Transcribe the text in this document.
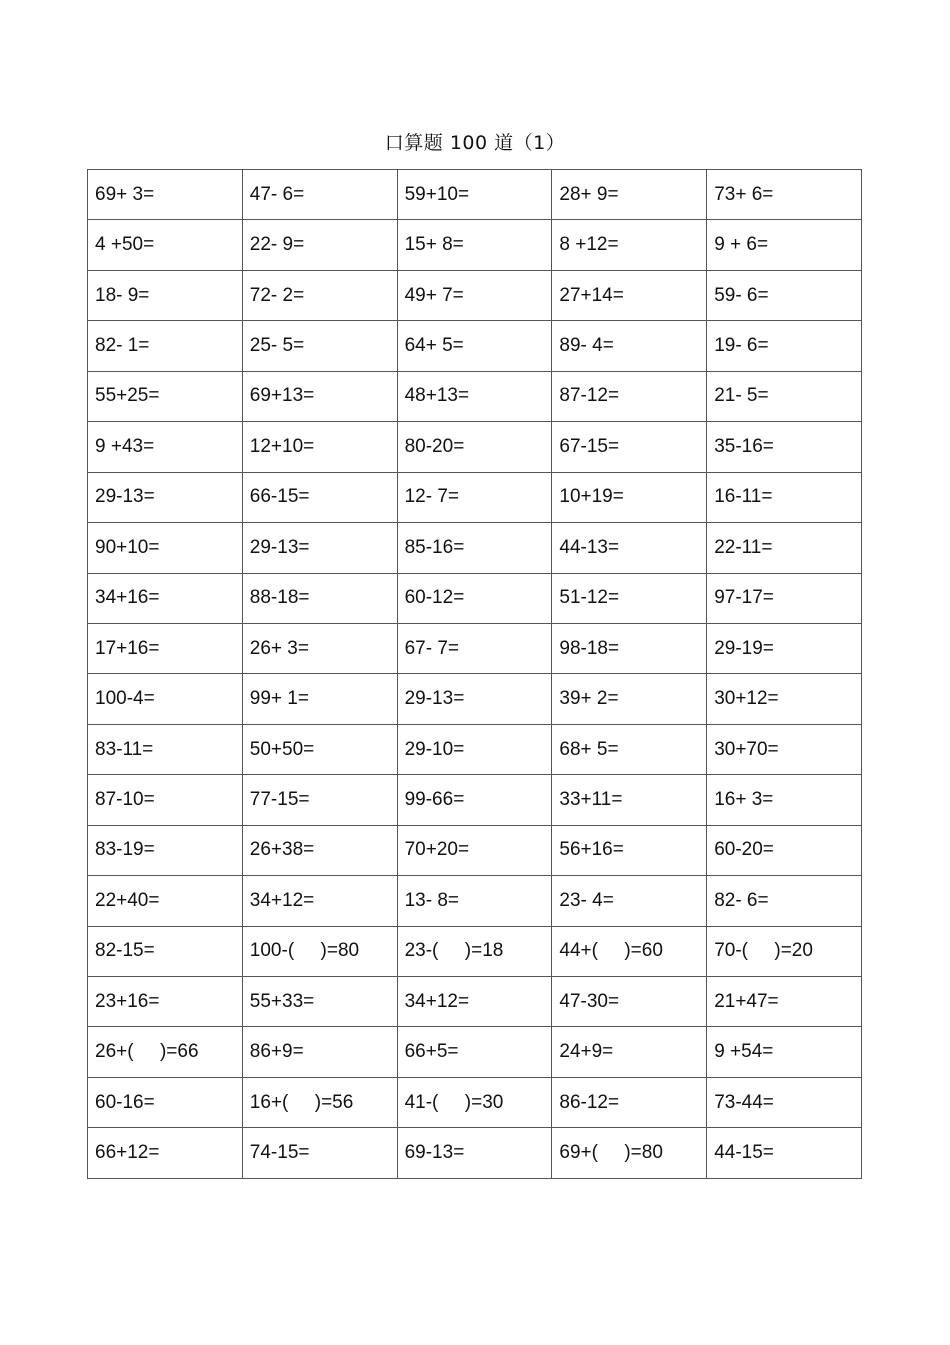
口算题 100 道（1）
69+ 3=	47- 6=	59+10=	28+ 9=	73+ 6=
4 +50=	22- 9=	15+ 8=	8 +12=	9 + 6=
18- 9=	72- 2=	49+ 7=	27+14=	59- 6=
82- 1=	25- 5=	64+ 5=	89- 4=	19- 6=
55+25=	69+13=	48+13=	87-12=	21- 5=
9 +43=	12+10=	80-20=	67-15=	35-16=
29-13=	66-15=	12- 7=	10+19=	16-11=
90+10=	29-13=	85-16=	44-13=	22-11=
34+16=	88-18=	60-12=	51-12=	97-17=
17+16=	26+ 3=	67- 7=	98-18=	29-19=
100-4=	99+ 1=	29-13=	39+ 2=	30+12=
83-11=	50+50=	29-10=	68+ 5=	30+70=
87-10=	77-15=	99-66=	33+11=	16+ 3=
83-19=	26+38=	70+20=	56+16=	60-20=
22+40=	34+12=	13- 8=	23- 4=	82- 6=
82-15=	100-(     )=80	23-(     )=18	44+(     )=60	70-(     )=20
23+16=	55+33=	34+12=	47-30=	21+47=
26+(     )=66	86+9=	66+5=	24+9=	9 +54=
60-16=	16+(     )=56	41-(     )=30	86-12=	73-44=
66+12=	74-15=	69-13=	69+(     )=80	44-15=
